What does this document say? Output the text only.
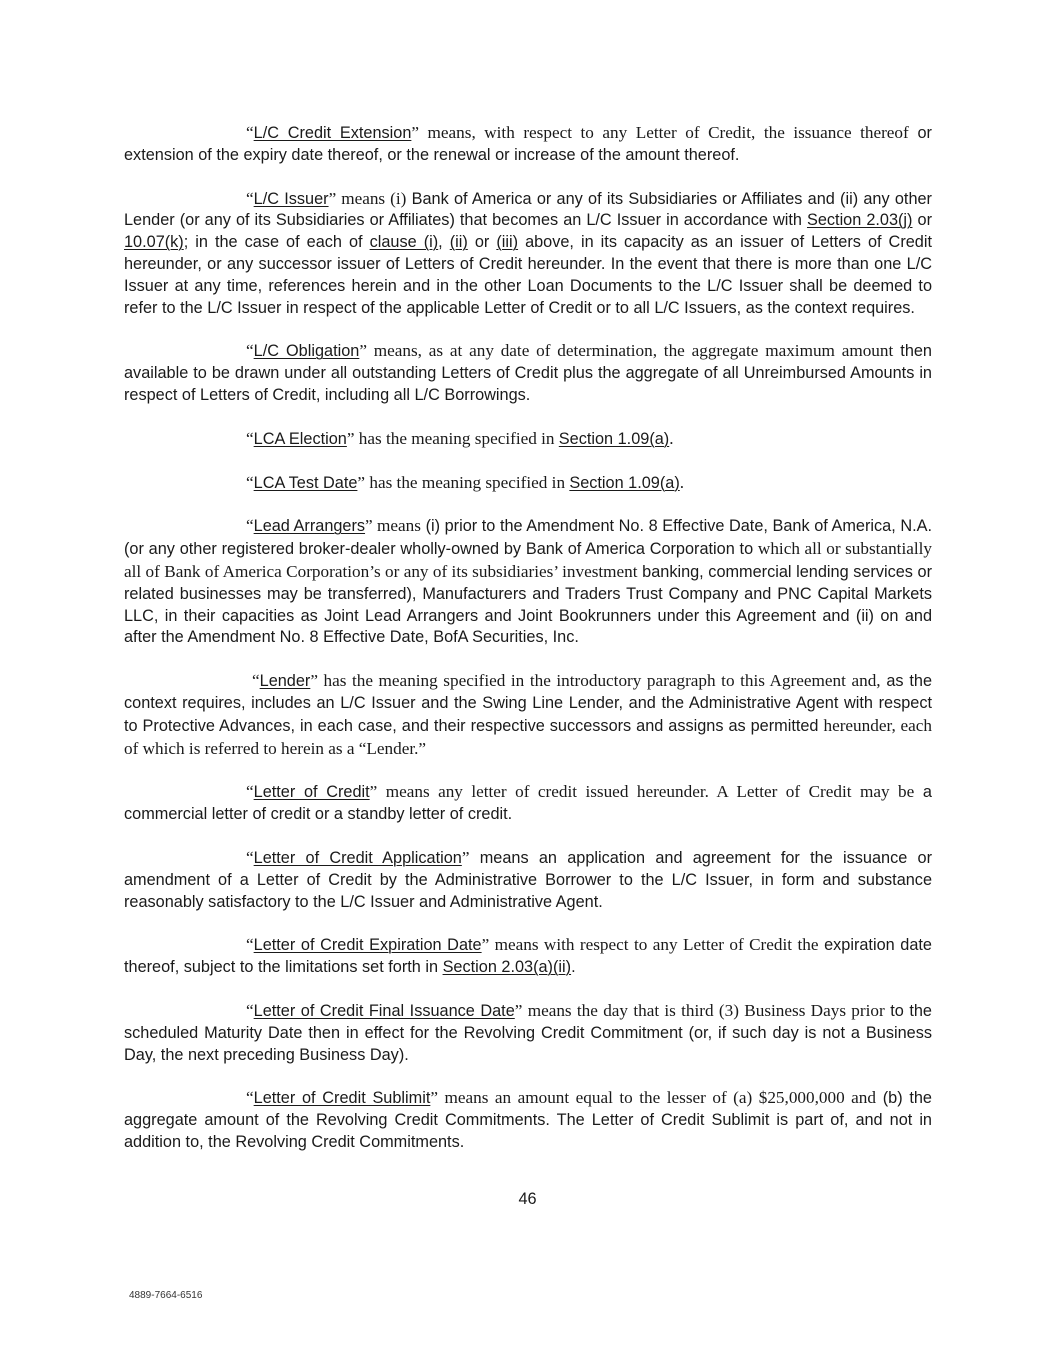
“L/C Credit Extension” means, with respect to any Letter of Credit, the issuance thereof or extension of the expiry date thereof, or the renewal or increase of the amount thereof.

“L/C Issuer” means (i) Bank of America or any of its Subsidiaries or Affiliates and (ii) any other Lender (or any of its Subsidiaries or Affiliates) that becomes an L/C Issuer in accordance with Section 2.03(j) or 10.07(k); in the case of each of clause (i), (ii) or (iii) above, in its capacity as an issuer of Letters of Credit hereunder, or any successor issuer of Letters of Credit hereunder. In the event that there is more than one L/C Issuer at any time, references herein and in the other Loan Documents to the L/C Issuer shall be deemed to refer to the L/C Issuer in respect of the applicable Letter of Credit or to all L/C Issuers, as the context requires.

“L/C Obligation” means, as at any date of determination, the aggregate maximum amount then available to be drawn under all outstanding Letters of Credit plus the aggregate of all Unreimbursed Amounts in respect of Letters of Credit, including all L/C Borrowings.

“LCA Election” has the meaning specified in Section 1.09(a).

“LCA Test Date” has the meaning specified in Section 1.09(a).

“Lead Arrangers” means (i) prior to the Amendment No. 8 Effective Date, Bank of America, N.A. (or any other registered broker-dealer wholly-owned by Bank of America Corporation to which all or substantially all of Bank of America Corporation’s or any of its subsidiaries’ investment banking, commercial lending services or related businesses may be transferred), Manufacturers and Traders Trust Company and PNC Capital Markets LLC, in their capacities as Joint Lead Arrangers and Joint Bookrunners under this Agreement and (ii) on and after the Amendment No. 8 Effective Date, BofA Securities, Inc.

“Lender” has the meaning specified in the introductory paragraph to this Agreement and, as the context requires, includes an L/C Issuer and the Swing Line Lender, and the Administrative Agent with respect to Protective Advances, in each case, and their respective successors and assigns as permitted hereunder, each of which is referred to herein as a “Lender.”

“Letter of Credit” means any letter of credit issued hereunder. A Letter of Credit may be a commercial letter of credit or a standby letter of credit.

“Letter of Credit Application” means an application and agreement for the issuance or amendment of a Letter of Credit by the Administrative Borrower to the L/C Issuer, in form and substance reasonably satisfactory to the L/C Issuer and Administrative Agent.

“Letter of Credit Expiration Date” means with respect to any Letter of Credit the expiration date thereof, subject to the limitations set forth in Section 2.03(a)(ii).

“Letter of Credit Final Issuance Date” means the day that is third (3) Business Days prior to the scheduled Maturity Date then in effect for the Revolving Credit Commitment (or, if such day is not a Business Day, the next preceding Business Day).

“Letter of Credit Sublimit” means an amount equal to the lesser of (a) $25,000,000 and (b) the aggregate amount of the Revolving Credit Commitments. The Letter of Credit Sublimit is part of, and not in addition to, the Revolving Credit Commitments.

46
4889-7664-6516
